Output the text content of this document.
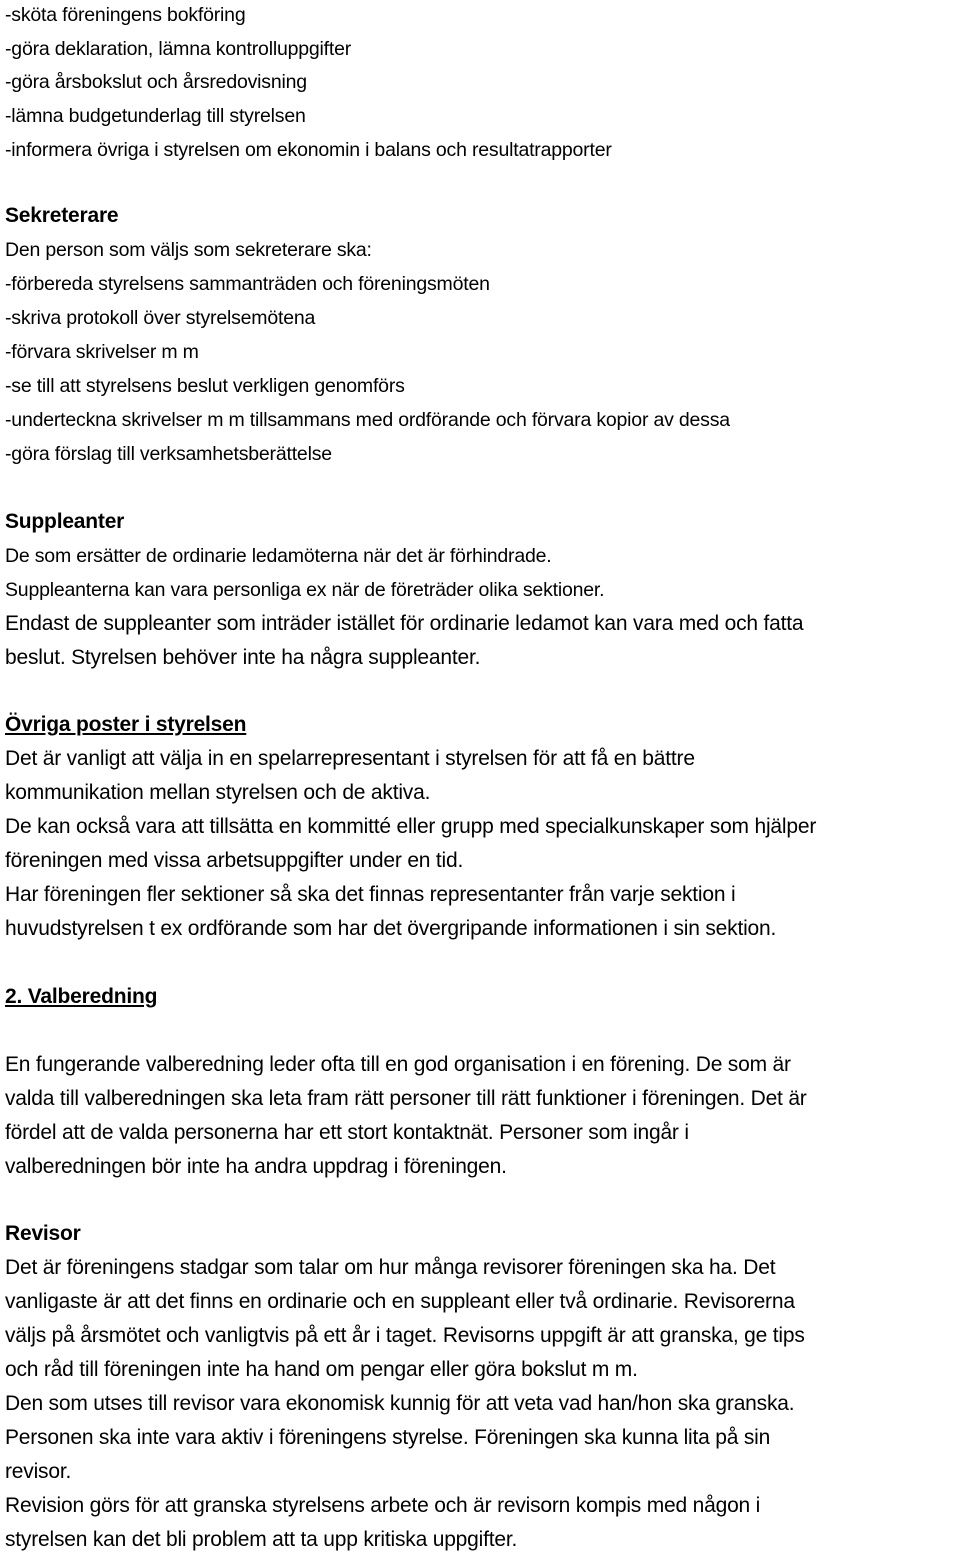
-sköta föreningens bokföring
-göra deklaration, lämna kontrolluppgifter
-göra årsbokslut och årsredovisning
-lämna budgetunderlag till styrelsen
-informera övriga i styrelsen om ekonomin i balans och resultatrapporter
Sekreterare
Den person som väljs som sekreterare ska:
-förbereda styrelsens sammanträden och föreningsmöten
-skriva protokoll över styrelsemötena
-förvara skrivelser m m
-se till att styrelsens beslut verkligen genomförs
-underteckna skrivelser m m tillsammans med ordförande och förvara kopior av dessa
-göra förslag till verksamhetsberättelse
Suppleanter
De som ersätter de ordinarie ledamöterna när det är förhindrade.
Suppleanterna kan vara personliga ex när de företräder olika sektioner.
Endast de suppleanter som inträder istället för ordinarie ledamot kan vara med och fatta
beslut. Styrelsen behöver inte ha några suppleanter.
Övriga poster i styrelsen
Det är vanligt att välja in en spelarrepresentant i styrelsen för att få en bättre
kommunikation mellan styrelsen och de aktiva.
De kan också vara att tillsätta en kommitté eller grupp med specialkunskaper som hjälper
föreningen med vissa arbetsuppgifter under en tid.
Har föreningen fler sektioner så ska det finnas representanter från varje sektion i
huvudstyrelsen t ex ordförande som har det övergripande informationen i sin sektion.
2. Valberedning
En fungerande valberedning leder ofta till en god organisation i en förening. De som är
valda till valberedningen ska leta fram rätt personer till rätt funktioner i föreningen. Det är
fördel att de valda personerna har ett stort kontaktnät. Personer som ingår i
valberedningen bör inte ha andra uppdrag i föreningen.
Revisor
Det är föreningens stadgar som talar om hur många revisorer föreningen ska ha. Det
vanligaste är att det finns en ordinarie och en suppleant eller två ordinarie. Revisorerna
väljs på årsmötet och vanligtvis på ett år i taget. Revisorns uppgift är att granska, ge tips
och råd till föreningen inte ha hand om pengar eller göra bokslut m m.
Den som utses till revisor vara ekonomisk kunnig för att veta vad han/hon ska granska.
Personen ska inte vara aktiv i föreningens styrelse. Föreningen ska kunna lita på sin
revisor.
Revision görs för att granska styrelsens arbete och är revisorn kompis med någon i
styrelsen kan det bli problem att ta upp kritiska uppgifter.
